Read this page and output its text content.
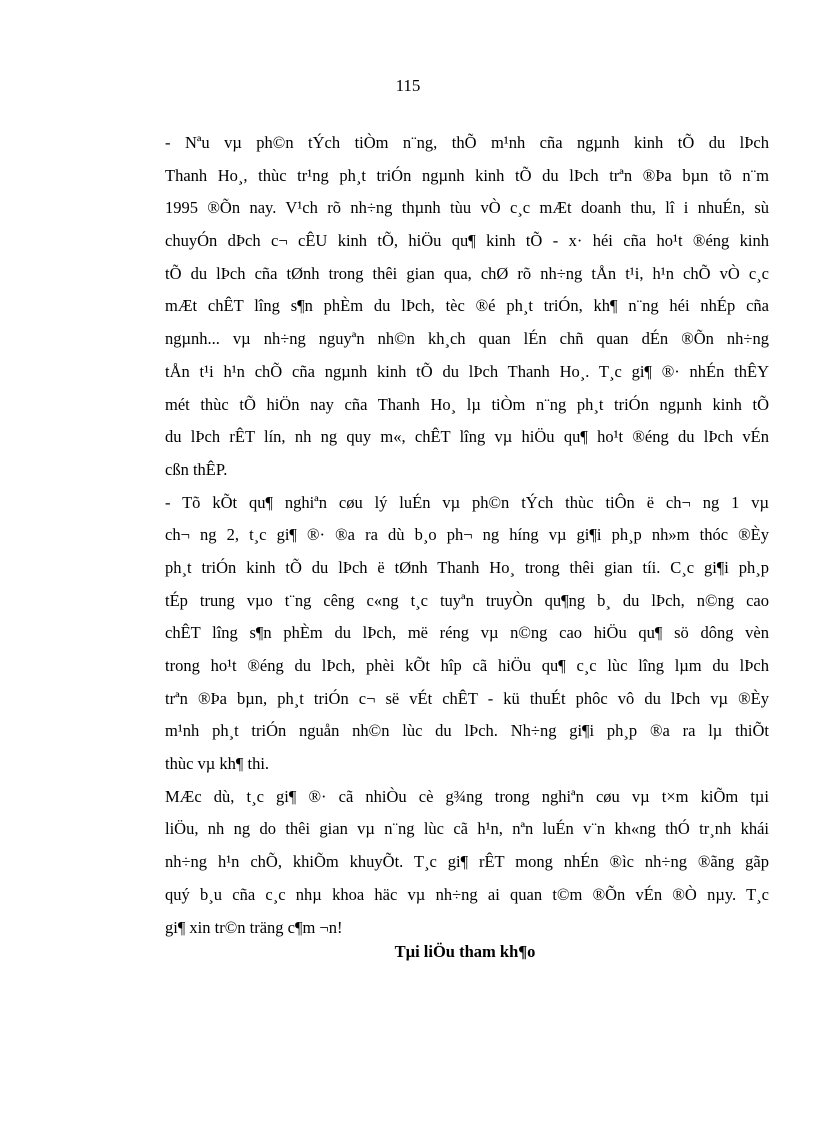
115
- Nªu vµ ph©n tÝch tiÒm n¨ng, thÕ m¹nh cña ngµnh kinh tÕ du lÞch
Thanh Ho¸, thùc tr¹ng ph¸t triÓn ngµnh kinh tÕ du lÞch trªn ®Þa bµn tõ n¨m
1995 ®Õn nay. V¹ch rõ nh÷ng thµnh tùu vÒ c¸c mÆt doanh thu, lî i nhuÉn, sù
chuyÓn dÞch c¬ cÊU kinh tÕ, hiÖu qu¶ kinh tÕ - x· héi cña ho¹t ®éng kinh
tÕ du lÞch cña tØnh trong thêi gian qua, chØ rõ nh÷ng tÅn t¹i, h¹n chÕ vÒ c¸c
mÆt chÊT lîng s¶n phÈm du lÞch, tèc ®é ph¸t triÓn, kh¶ n¨ng héi nhÉp cña
ngµnh... vµ nh÷ng nguyªn nh©n kh¸ch quan lÉn chñ quan dÉn ®Õn nh÷ng
tÅn t¹i h¹n chÕ cña ngµnh kinh tÕ du lÞch Thanh Ho¸. T¸c gi¶ ®· nhÉn thÊY
mét thùc tÕ hiÖn nay cña Thanh Ho¸ lµ tiÒm n¨ng ph¸t triÓn ngµnh kinh tÕ
du lÞch rÊT lín, nh ng quy m«, chÊT lîng vµ hiÖu qu¶ ho¹t ®éng du lÞch vÉn
cßn thÊP.
- Tõ kÕt qu¶ nghiªn cøu lý luÉn vµ ph©n tÝch thùc tiÔn ë ch¬ ng 1 vµ
ch¬ ng 2, t¸c gi¶ ®· ®a ra dù b¸o ph¬ ng híng vµ gi¶i ph¸p nh»m thóc ®Èy
ph¸t triÓn kinh tÕ du lÞch ë tØnh Thanh Ho¸ trong thêi gian tíi. C¸c gi¶i ph¸p
tÉp trung vµo t¨ng cêng c«ng t¸c tuyªn truyÒn qu¶ng b¸ du lÞch, n©ng cao
chÊT lîng s¶n phÈm du lÞch, më réng vµ n©ng cao hiÖu qu¶ sö dông vèn
trong ho¹t ®éng du lÞch, phèi kÕt hîp cã hiÖu qu¶ c¸c lùc lîng lµm du lÞch
trªn ®Þa bµn, ph¸t triÓn c¬ së vÉt chÊT - kü thuÉt phôc vô du lÞch vµ ®Èy
m¹nh ph¸t triÓn nguån nh©n lùc du lÞch. Nh÷ng gi¶i ph¸p ®a ra lµ thiÕt
thùc vµ kh¶ thi.
MÆc dù, t¸c gi¶ ®· cã nhiÒu cè g¾ng trong nghiªn cøu vµ t×m kiÕm tµi
liÖu, nh ng do thêi gian vµ n¨ng lùc cã h¹n, nªn luÉn v¨n kh«ng thÓ tr¸nh khái
nh÷ng h¹n chÕ, khiÕm khuyÕt. T¸c gi¶ rÊT mong nhÉn ®ìc nh÷ng ®ãng gãp
quý b¸u cña c¸c nhµ khoa häc vµ nh÷ng ai quan t©m ®Õn vÉn ®Ò nµy. T¸c
gi¶ xin tr©n träng c¶m ¬n!
Tµi liÖu tham kh¶o
